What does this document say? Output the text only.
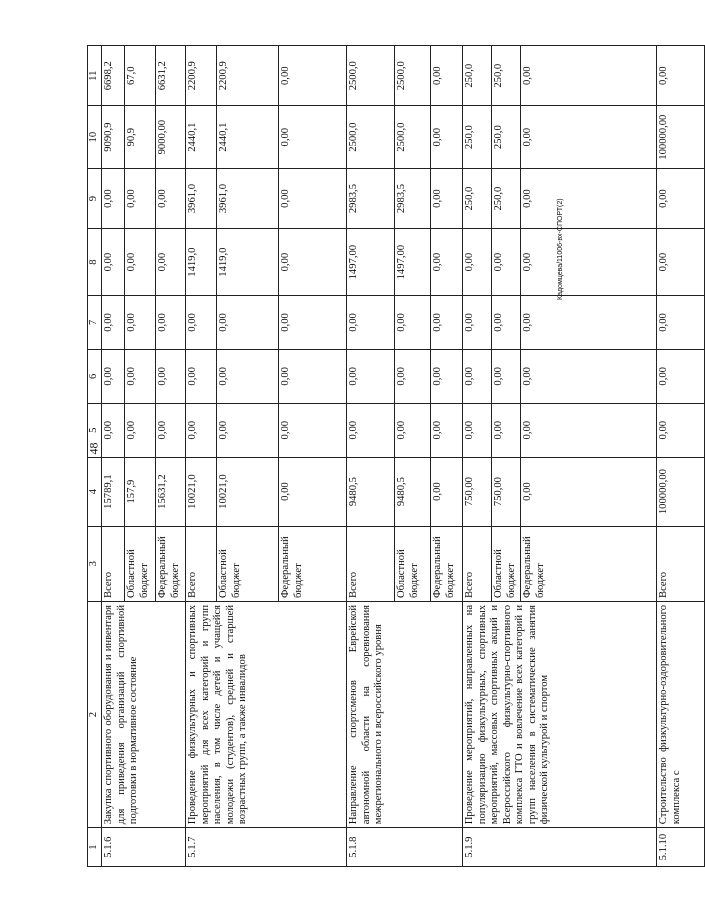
48
1	2	3	4	5	6	7	8	9	10	11
5.1.6	Закупка спортивного оборудования и инвентаря для приведения организаций спортивной подготовки в нормативное состояние	Всего	15789,1	0,00	0,00	0,00	0,00	0,00	9090,9	6698,2
		Областной бюджет	157,9	0,00	0,00	0,00	0,00	0,00	90,9	67,0
		Федеральный бюджет	15631,2	0,00	0,00	0,00	0,00	0,00	9000,00	6631,2
5.1.7	Проведение физкультурных и спортивных мероприятий для всех категорий и групп населения, в том числе детей и учащейся молодежи (студентов), средней и старшей возрастных групп, а также инвалидов	Всего	10021,0	0,00	0,00	0,00	1419,0	3961,0	2440,1	2200,9
		Областной бюджет	10021,0	0,00	0,00	0,00	1419,0	3961,0	2440,1	2200,9
		Федеральный бюджет	0,00	0,00	0,00	0,00	0,00	0,00	0,00	0,00
5.1.8	Направление спортсменов Еврейской автономной области на соревнования межрегионального и всероссийского уровня	Всего	9480,5	0,00	0,00	0,00	1497,00	2983,5	2500,0	2500,0
		Областной бюджет	9480,5	0,00	0,00	0,00	1497,00	2983,5	2500,0	2500,0
		Федеральный бюджет	0,00	0,00	0,00	0,00	0,00	0,00	0,00	0,00
5.1.9	Проведение мероприятий, направленных на популяризацию физкультурных, спортивных мероприятий, массовых спортивных акций и Всероссийского физкультурно-спортивного комплекса ГТО и вовлечение всех категорий и групп населения в систематические занятия физической культурой и спортом	Всего	750,00	0,00	0,00	0,00	0,00	250,0	250,0	250,0
		Областной бюджет	750,00	0,00	0,00	0,00	0,00	250,0	250,0	250,0
		Федеральный бюджет	0,00	0,00	0,00	0,00	0,00	0,00	0,00	0,00
5.1.10	Строительство физкультурно-оздоровительного комплекса с	Всего	100000,00	0,00	0,00	0,00	0,00	0,00	100000,00	0,00
Кадомцева/11006-вх-СПОРТ(2)
